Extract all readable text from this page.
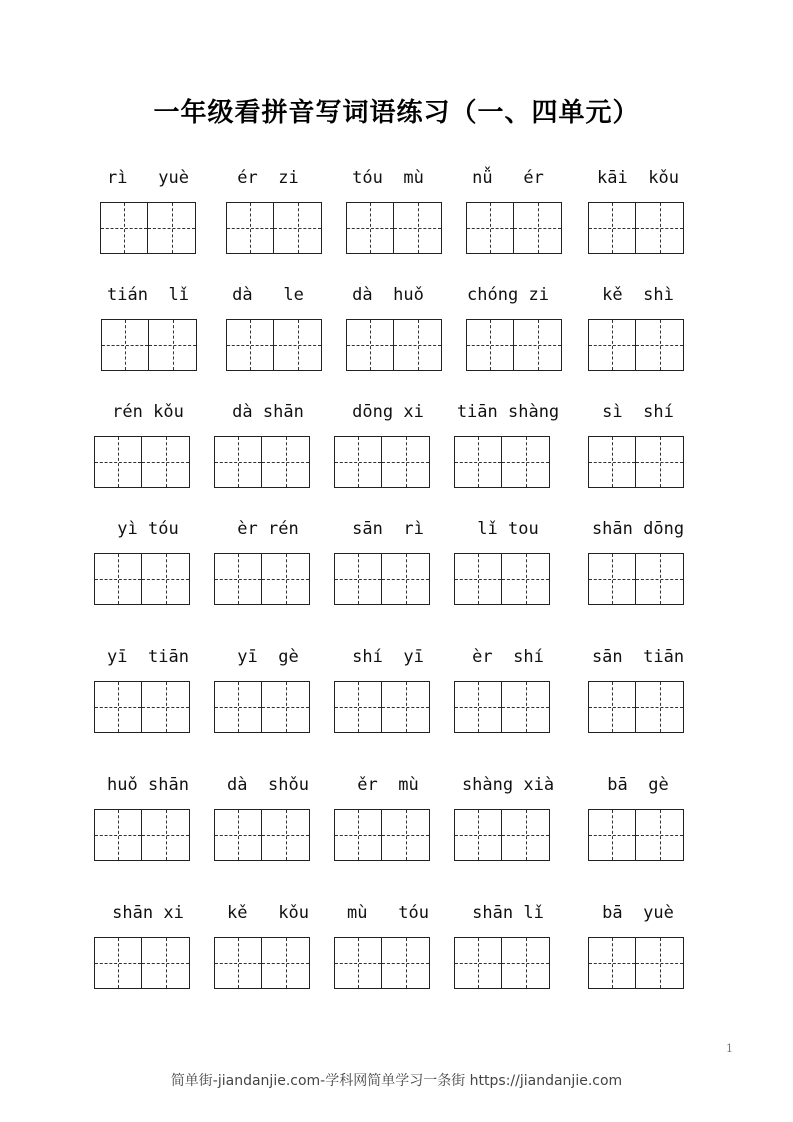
一年级看拼音写词语练习（一、四单元）
rì   yuè	ér  zi	tóu  mù	nǚ   ér	kāi  kǒu
tián  lǐ	dà   le	dà  huǒ	chóng zi	kě  shì
rén kǒu	dà shān	dōng xi	tiān shàng	sì  shí
yì tóu	èr rén	sān  rì	lǐ tou	shān dōng
yī  tiān	yī  gè	shí  yī	èr  shí	sān  tiān
huǒ shān	dà  shǒu	ěr  mù	shàng xià	bā  gè
shān xi	kě   kǒu	mù   tóu	shān lǐ	bā  yuè
1
简单街-jiandanjie.com-学科网简单学习一条街 https://jiandanjie.com
